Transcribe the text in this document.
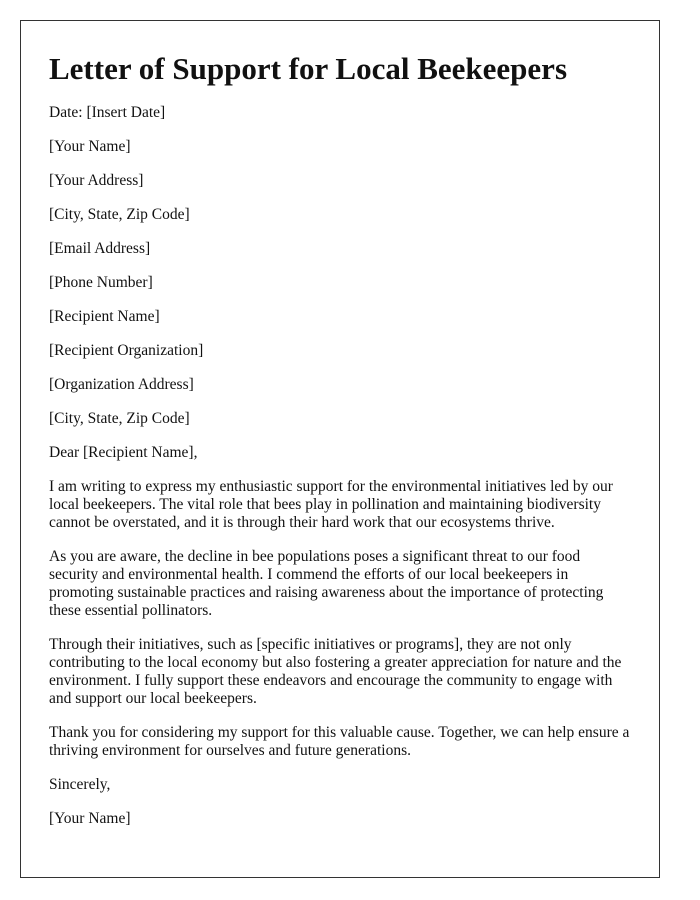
Letter of Support for Local Beekeepers
Date: [Insert Date]
[Your Name]
[Your Address]
[City, State, Zip Code]
[Email Address]
[Phone Number]
[Recipient Name]
[Recipient Organization]
[Organization Address]
[City, State, Zip Code]
Dear [Recipient Name],

I am writing to express my enthusiastic support for the environmental initiatives led by our local beekeepers. The vital role that bees play in pollination and maintaining biodiversity cannot be overstated, and it is through their hard work that our ecosystems thrive.

As you are aware, the decline in bee populations poses a significant threat to our food security and environmental health. I commend the efforts of our local beekeepers in promoting sustainable practices and raising awareness about the importance of protecting these essential pollinators.

Through their initiatives, such as [specific initiatives or programs], they are not only contributing to the local economy but also fostering a greater appreciation for nature and the environment. I fully support these endeavors and encourage the community to engage with and support our local beekeepers.

Thank you for considering my support for this valuable cause. Together, we can help ensure a thriving environment for ourselves and future generations.

Sincerely,
[Your Name]
